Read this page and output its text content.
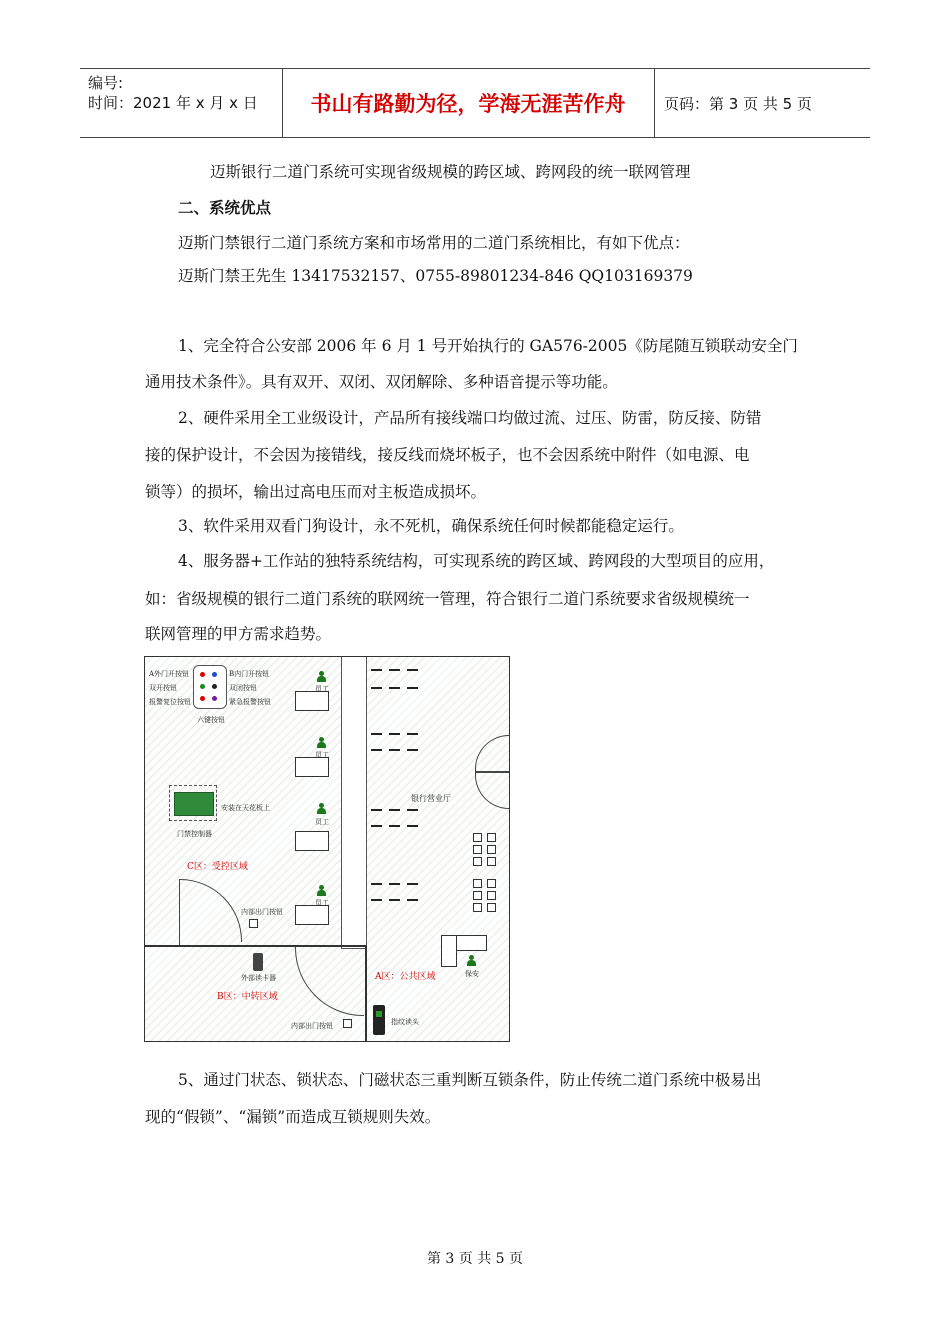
编号:
时间：2021 年 x 月 x 日	书山有路勤为径，学海无涯苦作舟	页码：第 3 页 共 5 页
迈斯银行二道门系统可实现省级规模的跨区域、跨网段的统一联网管理
二、系统优点
迈斯门禁银行二道门系统方案和市场常用的二道门系统相比，有如下优点：
迈斯门禁王先生 13417532157、0755-89801234-846 QQ103169379
1、完全符合公安部 2006 年 6 月 1 号开始执行的 GA576-2005《防尾随互锁联动安全门
通用技术条件》。具有双开、双闭、双闭解除、多种语音提示等功能。
2、硬件采用全工业级设计，产品所有接线端口均做过流、过压、防雷，防反接、防错
接的保护设计，不会因为接错线，接反线而烧坏板子，也不会因系统中附件（如电源、电
锁等）的损坏，输出过高电压而对主板造成损坏。
3、软件采用双看门狗设计，永不死机，确保系统任何时候都能稳定运行。
4、服务器+工作站的独特系统结构，可实现系统的跨区域、跨网段的大型项目的应用，
如：省级规模的银行二道门系统的联网统一管理，符合银行二道门系统要求省级规模统一
联网管理的甲方需求趋势。
A外门开按钮
双开按钮
报警复位按钮
B内门开按钮
双闭按钮
紧急报警按钮
六键按钮
安装在天花板上
门禁控制器
C区：受控区域
内部出门按钮
员工
员工
员工
员工
外部读卡器
B区：中转区域
内部出门按钮
银行营业厅
保安
A区：公共区域
指纹读头
5、通过门状态、锁状态、门磁状态三重判断互锁条件，防止传统二道门系统中极易出
现的“假锁”、“漏锁”而造成互锁规则失效。
第 3 页 共 5 页
